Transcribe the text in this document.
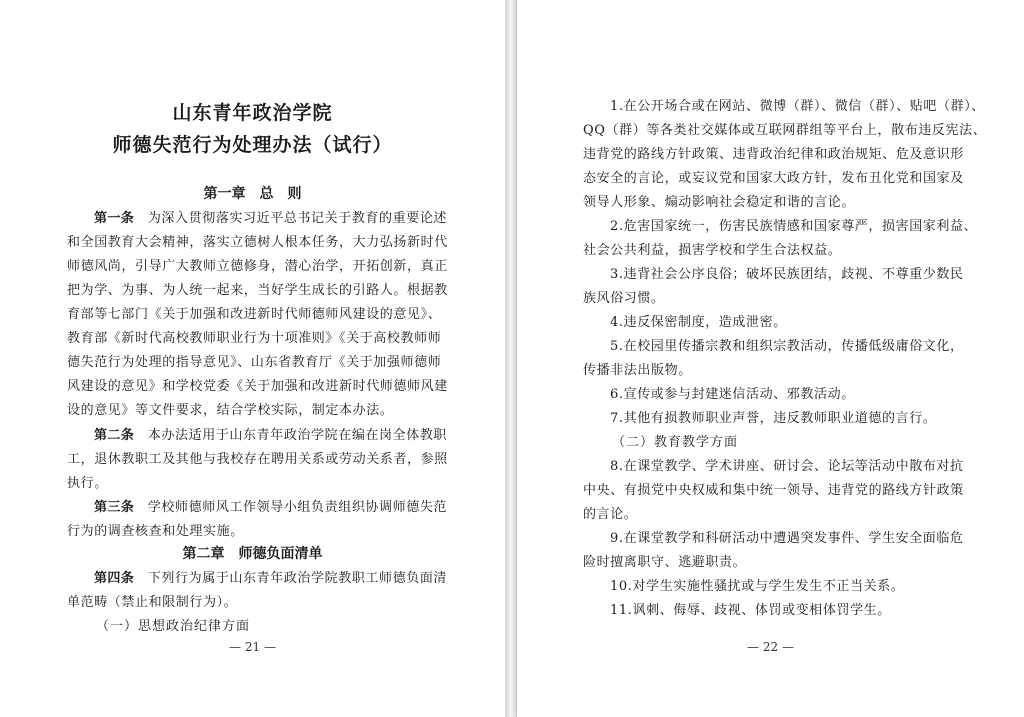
山东青年政治学院
师德失范行为处理办法（试行）
第一章　总　则
第一条　 为深入贯彻落实习近平总书记关于教育的重要论述
和全国教育大会精神，落实立德树人根本任务，大力弘扬新时代
师德风尚，引导广大教师立德修身，潜心治学，开拓创新，真正
把为学、为事、为人统一起来，当好学生成长的引路人。根据教
育部等七部门《关于加强和改进新时代师德师风建设的意见》、
教育部《新时代高校教师职业行为十项准则》《关于高校教师师
德失范行为处理的指导意见》、山东省教育厅《关于加强师德师
风建设的意见》和学校党委《关于加强和改进新时代师德师风建
设的意见》等文件要求，结合学校实际，制定本办法。
第二条　 本办法适用于山东青年政治学院在编在岗全体教职
工，退休教职工及其他与我校存在聘用关系或劳动关系者，参照
执行。
第三条　 学校师德师风工作领导小组负责组织协调师德失范
行为的调查核查和处理实施。
第二章　师德负面清单
第四条　 下列行为属于山东青年政治学院教职工师德负面清
单范畴（禁止和限制行为）。
（一）思想政治纪律方面
— 21 —
1.在公开场合或在网站、微博（群）、微信（群）、贴吧（群）、
QQ（群）等各类社交媒体或互联网群组等平台上，散布违反宪法、
违背党的路线方针政策、违背政治纪律和政治规矩、危及意识形
态安全的言论，或妄议党和国家大政方针，发布丑化党和国家及
领导人形象、煽动影响社会稳定和谐的言论。
2.危害国家统一，伤害民族情感和国家尊严，损害国家利益、
社会公共利益，损害学校和学生合法权益。
3.违背社会公序良俗；破坏民族团结，歧视、不尊重少数民
族风俗习惯。
4.违反保密制度，造成泄密。
5.在校园里传播宗教和组织宗教活动，传播低级庸俗文化，
传播非法出版物。
6.宣传或参与封建迷信活动、邪教活动。
7.其他有损教师职业声誉，违反教师职业道德的言行。
（二）教育教学方面
8.在课堂教学、学术讲座、研讨会、论坛等活动中散布对抗
中央、有损党中央权威和集中统一领导、违背党的路线方针政策
的言论。
9.在课堂教学和科研活动中遭遇突发事件、学生安全面临危
险时擅离职守、逃避职责。
10.对学生实施性骚扰或与学生发生不正当关系。
11.讽刺、侮辱、歧视、体罚或变相体罚学生。
— 22 —
